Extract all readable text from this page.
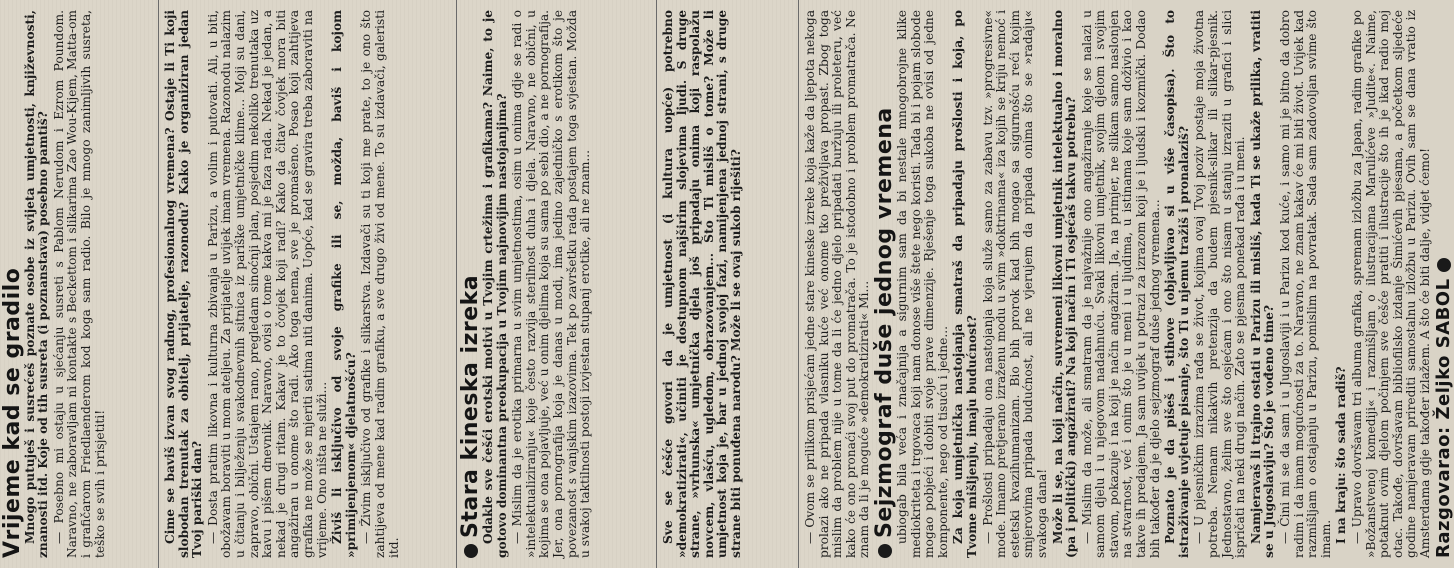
Vrijeme kad se gradilo

Mnogo putuješ i susrećeš poznate osobe iz svijeta umjetnosti, književnosti, znanosti itd. Koje od tih susreta (i poznanstava) posebno pamtiš? — Posebno mi ostaju u sjećanju susreti s Pablom Nerudom i Ezrom Poundom. Naravno, ne zaboravljam ni kontakte s Beckettom i slikarima Zao Wou-Kijem, Matta-om i grafičarom Friedlaenderom kod koga sam radio. Bilo je mnogo zanimljivih susreta, teško se svih i prisjetiti!	Cime se baviš izvan svog radnog, profesionalnog vremena? Ostaje li Ti koji slobodan trenutak za obitelj, prijatelje, razonodu? Kako je organiziran jedan Tvoj pariški dan? — Dosta pratim likovna i kulturna zbivanja u Parizu, a volim i putovati. Ali, u biti, obožavam boraviti u mom ateljeu. Za prijatelje uvijek imam vremena. Razonodu nalazim u čitanju i bilježenju svakodnevnih sitnica iz pariške umjetničke klime... Moji su dani, zapravo, obični. Ustajem rano, pregledam sinoćnji plan, posjedim nekoliko trenutaka uz kavu i pišem dnevnik. Naravno, ovisi o tome kakva mi je faza rada. Nekad je jedan, a nekad je drugi ritam. Kakav je to čovjek koji radi? Kako da čitav čovjek mora biti angažiran u onome što radi. Ako toga nema, sve je promašeno. Posao koji zahtijeva grafika ne može se mjeriti satima niti danima. Uopće, kad se gravira treba zaboraviti na vrijeme. Ono ništa ne služi... Živiš li isključivo od svoje grafike ili se, možda, baviš i kojom »primijenjenom« djelatnošću? — Živim isključivo od grafike i slikarstva. Izdavači su ti koji me prate, to je ono što zahtijeva od mene kad radim grafiku, a sve drugo živi od mene. To su izdavači, galeristi itd.

Stara kineska izreka

Odakle sve češći erotski motivi u Tvojim crtežima i grafikama? Naime, to je gotovo dominantna preokupacija u Tvojim najnovijim nastojanjima? — Mislim da je erotika primarna u svim umjetnostima, osim u onima gdje se radi o »intelektualiziranju« koje često razvija sterilnost duha i djela. Naravno, ne obični, u kojima se ona pojavljuje, već u onim djelima koja su sama po sebi dio, a ne pornografija. Jer, ona pornografija koja je danas u modi, ima jedino zajedničko s erotikom što je povezanost s vanjskim izazovima. Tek po završetku rada postajem toga svjestan. Možda u svakoj taktilnosti postoji izvjestan stupanj erotike, ali ne znam...	Sve se češće govori da je umjetnost (i kultura uopće) potrebno »demokratizirati«, učiniti je dostupnom najširim slojevima ljudi. S druge strane, »vrhunska« umjetnička djela još pripadaju onima koji raspolažu novcem, vlašću, ugledom, obrazovanjem... Što Ti misliš o tome? Može li umjetnost koja je, bar u jednoj svojoj fazi, namijenjena jednoj strani, s druge strane biti ponuđena narodu? Može li se ovaj sukob riješiti?	— Ovom se prilikom prisjećam jedne stare kineske izreke koja kaže da ljepota nekoga prolazi ako ne pripada vlasniku kuće već onome tko preživljava propast. Zbog toga mislim da problem nije u tome da li će jedno djelo pripadati buržuju ili proleteru, već kako će ono pronaći svoj put do promatrača. To je istodobno i problem promatrača. Ne znam da li je moguće »demokratizirati« Mi... Sejzmograf duše jednog vremena

ubiogab bila veća i značajnija a sigurnim sam da bi nestale mnogobrojne klike mediokriteta i trgovaca koji nam donose više štete nego koristi. Tada bi i pojam slobode mogao pobjeći i dobiti svoje prave dimenzije. Rješenje toga sukoba ne ovisi od jedne komponente, nego od tisuću i jedne... Za koja umjetnička nastojanja smatraš da pripadaju prošlosti i koja, po Tvome mišljenju, imaju budućnost? — Prošlosti pripadaju ona nastojanja koja služe samo za zabavu tzv. »progresivne« mode. Imamo pretjerano izraženu modu u svim »doktrinama« iza kojih se kriju nemoć i estetski kvazihumanizam. Bio bih prorok kad bih mogao sa sigurnošću reći kojim smjerovima pripada budućnost, ali ne vjerujem da pripada onima što se »radaju« svakoga dana! Može li se, na koji način, suvremeni likovni umjetnik intelektualno i moralno (pa i politički) angažirati? Na koji način i Ti osjećaš takvu potrebu? — Mislim da može, ali smatram da je najvažnije ono angažiranje koje se nalazi u samom djelu i u njegovom nadahnuću. Svaki likovni umjetnik, svojim djelom i svojim stavom, pokazuje i na koji je način angažiran. Ja, na primjer, ne slikam samo naslonjen na stvarnost, već i onim što je u meni i u ljudima, u istinama koje sam doživio i kao takve ih predajem. Ja sam uvijek u potrazi za izrazom koji je i ljudski i kozmički. Dodao bih također da je djelo sejzmograf duše jednog vremena... Poznato je da pišeš i stihove (objavljivao si u više časopisa). Što to istraživanje uvjetuje pisanje, što Ti u njemu tražiš i pronalaziš? — U pjesničkim izrazima rađa se život, kojima ovaj Tvoj poziv postaje moja životna potreba. Nemam nikakvih pretenzija da budem pjesnik-slikar ili slikar-pjesnik. Jednostavno, želim sve što osjećam i ono što nisam u stanju izraziti u grafici i slici ispričati na neki drugi način. Zato se pjesma ponekad rađa i u meni. Namjeravaš li trajno ostati u Parizu ili misliš, kada Ti se ukaže prilika, vratiti se u Jugoslaviju? Što je vođeno time? — Čini mi se da sam i u Jugoslaviji i u Parizu kod kuće, i samo mi je bitno da dobro radim i da imam mogućnosti za to. Naravno, ne znam kakav će mi biti život. Uvijek kad razmišljam o ostajanju u Parizu, pomislim na povratak. Sada sam zadovoljan svime što imam. I na kraju: što sada radiš? — Upravo dovršavam tri albuma grafika, spremam izložbu za Japan, radim grafike po »Božanstvenoj komediji« i razmišljam o ilustracijama Marulićeve »Judite«. Naime, potaknut ovim djelom počinjem sve češće pratiti i ilustracije što ih je ikad radio moj otac. Takođe, dovršavam bibliofilsko izdanje Šimićevih pjesama, a početkom sljedeće godine namjeravam prirediti samostalnu izložbu u Parizu. Ovih sam se dana vratio iz Amsterdama gdje također izlažem. A što će biti dalje, vidjet ćemo! Razgovarao: Željko SABOL
